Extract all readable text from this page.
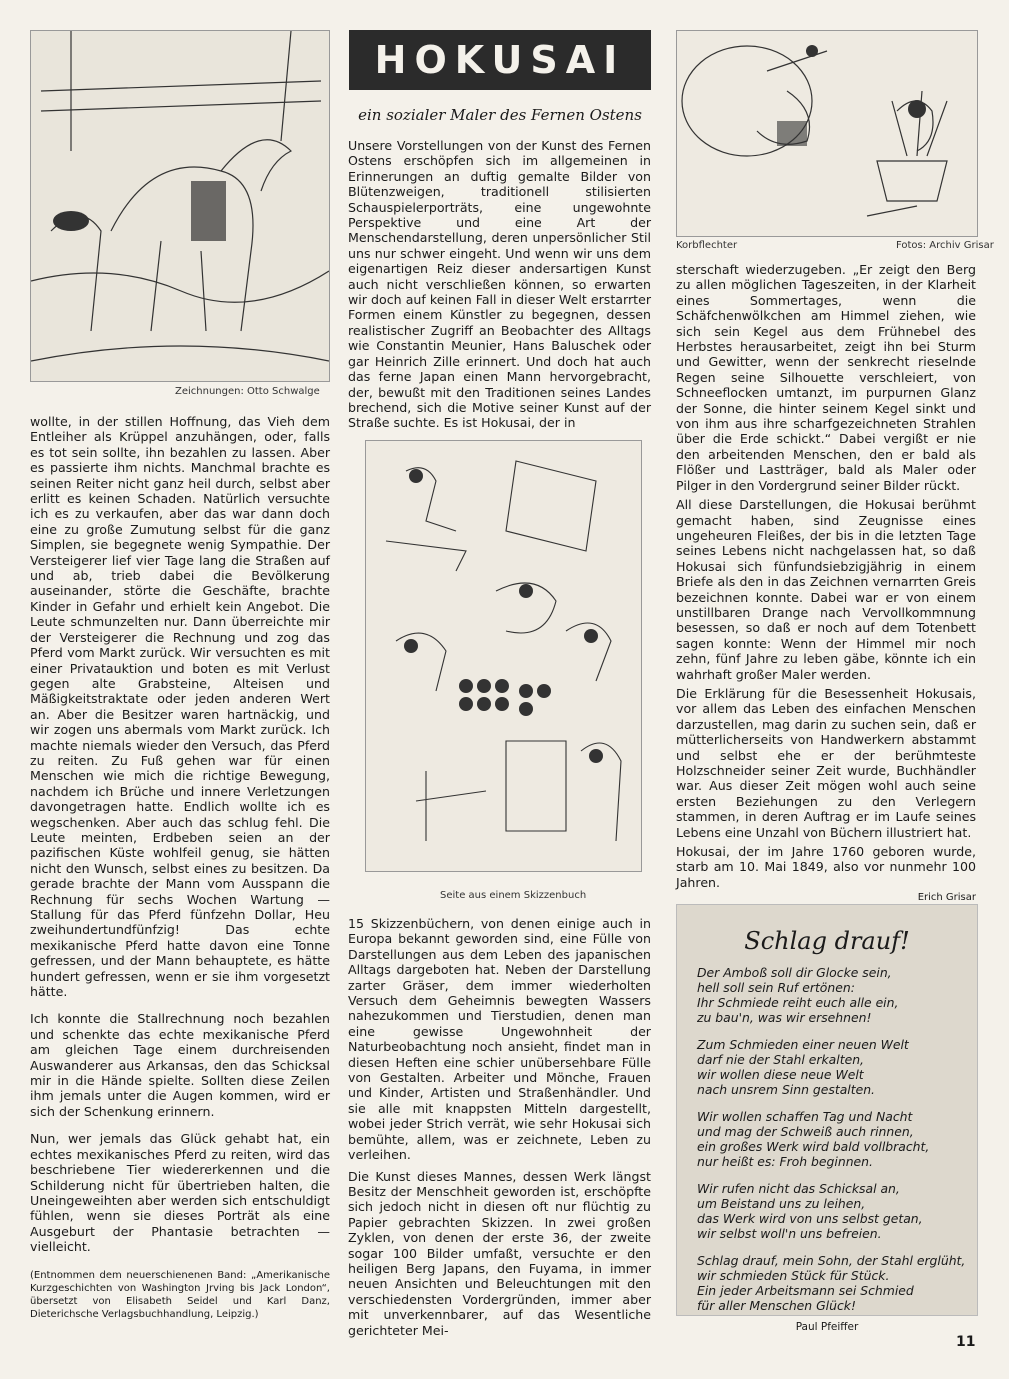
Zeichnungen: Otto Schwalge
HOKUSAI
ein sozialer Maler des Fernen Ostens
Korbflechter	Fotos: Archiv Grisar

wollte, in der stillen Hoffnung, das Vieh dem Entleiher als Krüppel anzuhängen, oder, falls es tot sein sollte, ihn bezahlen zu lassen. Aber es passierte ihm nichts. Manchmal brachte es seinen Reiter nicht ganz heil durch, selbst aber erlitt es keinen Schaden. Natürlich versuchte ich es zu verkaufen, aber das war dann doch eine zu große Zumutung selbst für die ganz Simplen, sie begegnete wenig Sympathie. Der Versteigerer lief vier Tage lang die Straßen auf und ab, trieb dabei die Bevölkerung auseinander, störte die Geschäfte, brachte Kinder in Gefahr und erhielt kein Angebot. Die Leute schmunzelten nur. Dann überreichte mir der Versteigerer die Rechnung und zog das Pferd vom Markt zurück. Wir versuchten es mit einer Privatauktion und boten es mit Verlust gegen alte Grabsteine, Alteisen und Mäßigkeitstraktate oder jeden anderen Wert an. Aber die Besitzer waren hartnäckig, und wir zogen uns abermals vom Markt zurück. Ich machte niemals wieder den Versuch, das Pferd zu reiten. Zu Fuß gehen war für einen Menschen wie mich die richtige Bewegung, nachdem ich Brüche und innere Verletzungen davongetragen hatte. Endlich wollte ich es wegschenken. Aber auch das schlug fehl. Die Leute meinten, Erdbeben seien an der pazifischen Küste wohlfeil genug, sie hätten nicht den Wunsch, selbst eines zu besitzen. Da gerade brachte der Mann vom Ausspann die Rechnung für sechs Wochen Wartung — Stallung für das Pferd fünfzehn Dollar, Heu zweihundertundfünfzig! Das echte mexikanische Pferd hatte davon eine Tonne gefressen, und der Mann behauptete, es hätte hundert gefressen, wenn er sie ihm vorgesetzt hätte.

Ich konnte die Stallrechnung noch bezahlen und schenkte das echte mexikanische Pferd am gleichen Tage einem durchreisenden Auswanderer aus Arkansas, den das Schicksal mir in die Hände spielte. Sollten diese Zeilen ihm jemals unter die Augen kommen, wird er sich der Schenkung erinnern.

Nun, wer jemals das Glück gehabt hat, ein echtes mexikanisches Pferd zu reiten, wird das beschriebene Tier wiedererkennen und die Schilderung nicht für übertrieben halten, die Uneingeweihten aber werden sich entschuldigt fühlen, wenn sie dieses Porträt als eine Ausgeburt der Phantasie betrachten — vielleicht.

(Entnommen dem neuerschienenen Band: „Amerikanische Kurzgeschichten von Washington Jrving bis Jack London“, übersetzt von Elisabeth Seidel und Karl Danz, Dieterichsche Verlagsbuchhandlung, Leipzig.)

Unsere Vorstellungen von der Kunst des Fernen Ostens erschöpfen sich im allgemeinen in Erinnerungen an duftig gemalte Bilder von Blütenzweigen, traditionell stilisierten Schauspielerporträts, eine ungewohnte Perspektive und eine Art der Menschendarstellung, deren unpersönlicher Stil uns nur schwer eingeht. Und wenn wir uns dem eigenartigen Reiz dieser andersartigen Kunst auch nicht verschließen können, so erwarten wir doch auf keinen Fall in dieser Welt erstarrter Formen einem Künstler zu begegnen, dessen realistischer Zugriff an Beobachter des Alltags wie Constantin Meunier, Hans Baluschek oder gar Heinrich Zille erinnert. Und doch hat auch das ferne Japan einen Mann hervorgebracht, der, bewußt mit den Traditionen seines Landes brechend, sich die Motive seiner Kunst auf der Straße suchte. Es ist Hokusai, der in

Seite aus einem Skizzenbuch

15 Skizzenbüchern, von denen einige auch in Europa bekannt geworden sind, eine Fülle von Darstellungen aus dem Leben des japanischen Alltags dargeboten hat. Neben der Darstellung zarter Gräser, dem immer wiederholten Versuch dem Geheimnis bewegten Wassers nahezukommen und Tierstudien, denen man eine gewisse Ungewohnheit der Naturbeobachtung noch ansieht, findet man in diesen Heften eine schier unübersehbare Fülle von Gestalten. Arbeiter und Mönche, Frauen und Kinder, Artisten und Straßenhändler. Und sie alle mit knappsten Mitteln dargestellt, wobei jeder Strich verrät, wie sehr Hokusai sich bemühte, allem, was er zeichnete, Leben zu verleihen.

Die Kunst dieses Mannes, dessen Werk längst Besitz der Menschheit geworden ist, erschöpfte sich jedoch nicht in diesen oft nur flüchtig zu Papier gebrachten Skizzen. In zwei großen Zyklen, von denen der erste 36, der zweite sogar 100 Bilder umfaßt, versuchte er den heiligen Berg Japans, den Fuyama, in immer neuen Ansichten und Beleuchtungen mit den verschiedensten Vordergründen, immer aber mit unverkennbarer, auf das Wesentliche gerichteter Mei-

sterschaft wiederzugeben. „Er zeigt den Berg zu allen möglichen Tageszeiten, in der Klarheit eines Sommertages, wenn die Schäfchenwölkchen am Himmel ziehen, wie sich sein Kegel aus dem Frühnebel des Herbstes herausarbeitet, zeigt ihn bei Sturm und Gewitter, wenn der senkrecht rieselnde Regen seine Silhouette verschleiert, von Schneeflocken umtanzt, im purpurnen Glanz der Sonne, die hinter seinem Kegel sinkt und von ihm aus ihre scharfgezeichneten Strahlen über die Erde schickt.“ Dabei vergißt er nie den arbeitenden Menschen, den er bald als Flößer und Lastträger, bald als Maler oder Pilger in den Vordergrund seiner Bilder rückt.

All diese Darstellungen, die Hokusai berühmt gemacht haben, sind Zeugnisse eines ungeheuren Fleißes, der bis in die letzten Tage seines Lebens nicht nachgelassen hat, so daß Hokusai sich fünfundsiebzigjährig in einem Briefe als den in das Zeichnen vernarrten Greis bezeichnen konnte. Dabei war er von einem unstillbaren Drange nach Vervollkommnung besessen, so daß er noch auf dem Totenbett sagen konnte: Wenn der Himmel mir noch zehn, fünf Jahre zu leben gäbe, könnte ich ein wahrhaft großer Maler werden.

Die Erklärung für die Besessenheit Hokusais, vor allem das Leben des einfachen Menschen darzustellen, mag darin zu suchen sein, daß er mütterlicherseits von Handwerkern abstammt und selbst ehe er der berühmteste Holzschneider seiner Zeit wurde, Buchhändler war. Aus dieser Zeit mögen wohl auch seine ersten Beziehungen zu den Verlegern stammen, in deren Auftrag er im Laufe seines Lebens eine Unzahl von Büchern illustriert hat.

Hokusai, der im Jahre 1760 geboren wurde, starb am 10. Mai 1849, also vor nunmehr 100 Jahren.

Erich Grisar

Schlag drauf!
Der Amboß soll dir Glocke sein,
hell soll sein Ruf ertönen:
Ihr Schmiede reiht euch alle ein,
zu bau'n, was wir ersehnen!
Zum Schmieden einer neuen Welt
darf nie der Stahl erkalten,
wir wollen diese neue Welt
nach unsrem Sinn gestalten.
Wir wollen schaffen Tag und Nacht
und mag der Schweiß auch rinnen,
ein großes Werk wird bald vollbracht,
nur heißt es: Froh beginnen.
Wir rufen nicht das Schicksal an,
um Beistand uns zu leihen,
das Werk wird von uns selbst getan,
wir selbst woll'n uns befreien.
Schlag drauf, mein Sohn, der Stahl erglüht,
wir schmieden Stück für Stück.
Ein jeder Arbeitsmann sei Schmied
für aller Menschen Glück!
Paul Pfeiffer
11
